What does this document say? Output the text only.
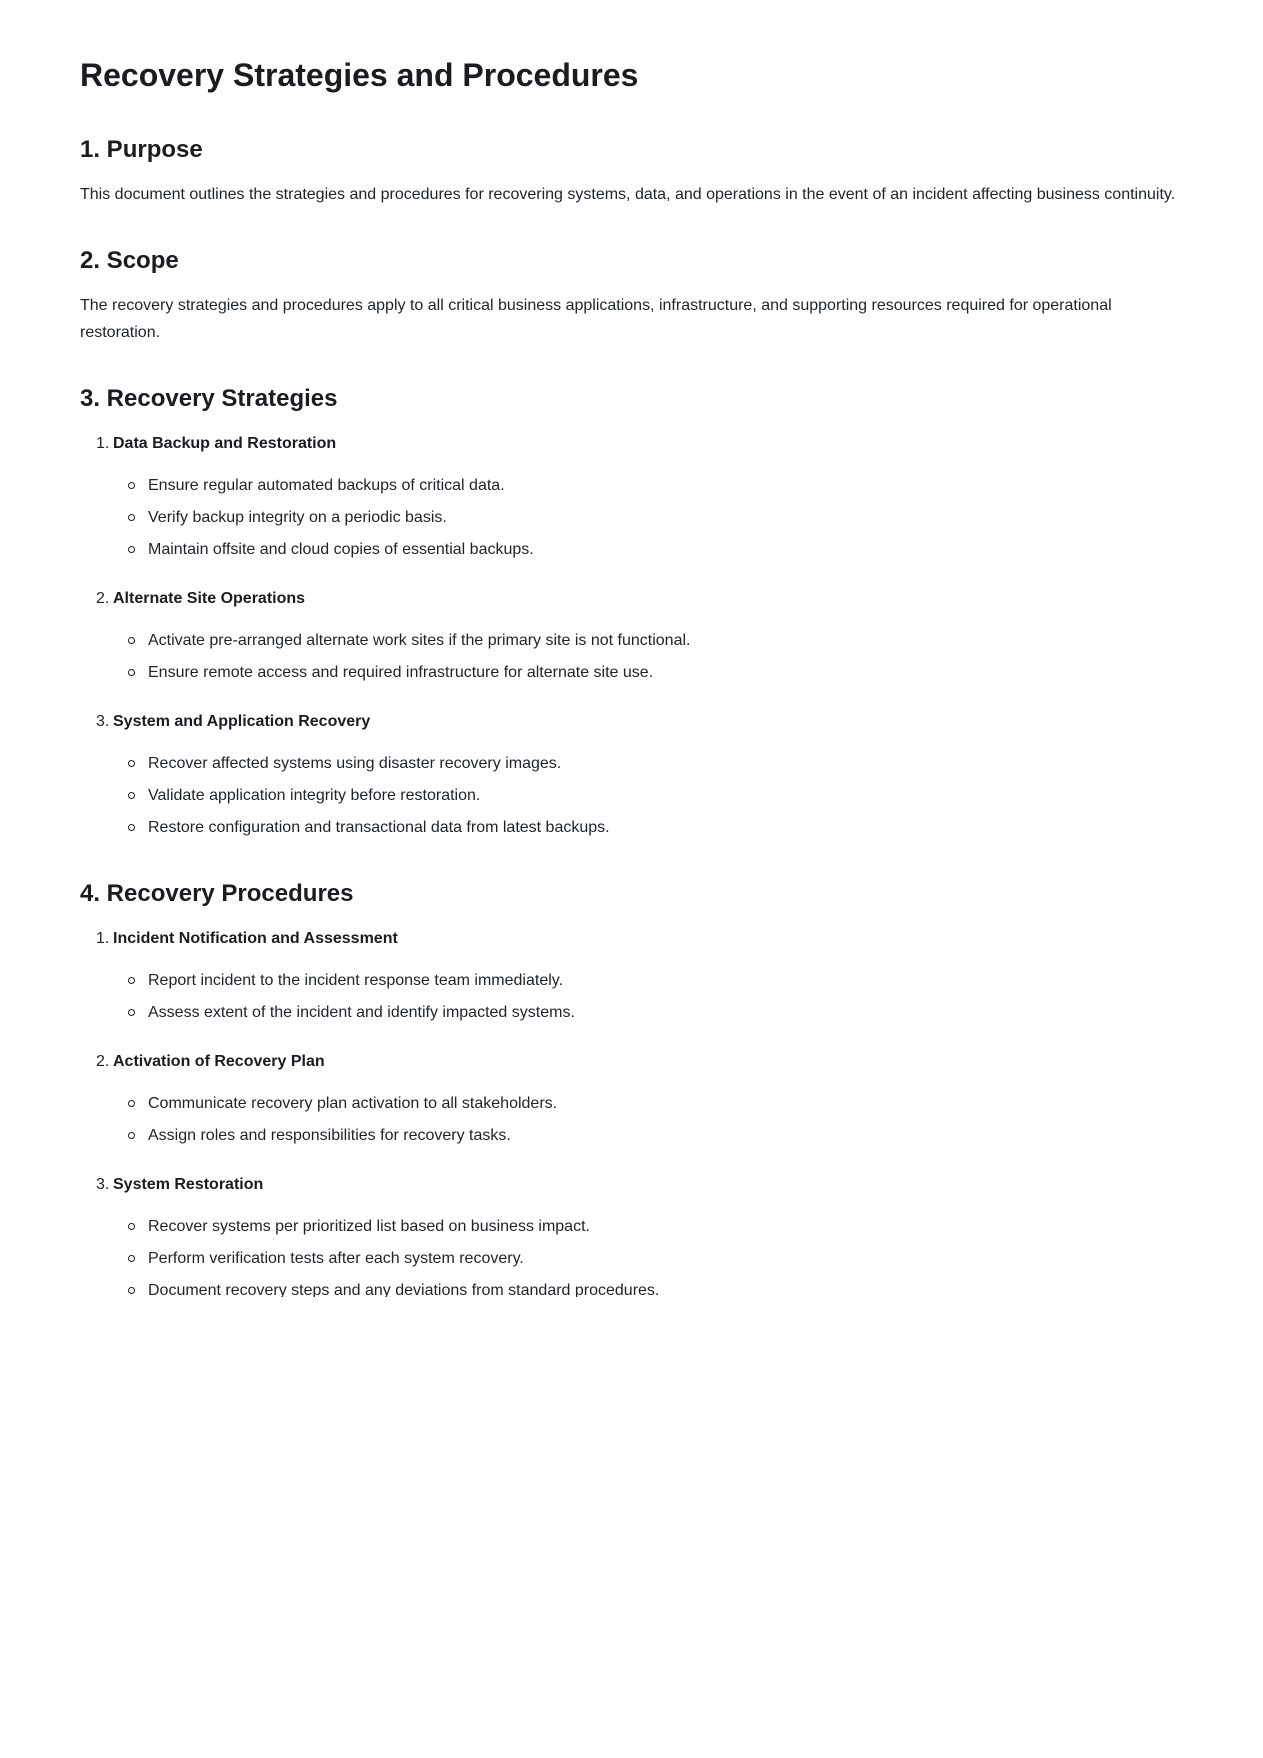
Recovery Strategies and Procedures
1. Purpose
This document outlines the strategies and procedures for recovering systems, data, and operations in the event of an incident affecting business continuity.
2. Scope
The recovery strategies and procedures apply to all critical business applications, infrastructure, and supporting resources required for operational
restoration.
3. Recovery Strategies
1. Data Backup and Restoration
Ensure regular automated backups of critical data.
Verify backup integrity on a periodic basis.
Maintain offsite and cloud copies of essential backups.
2. Alternate Site Operations
Activate pre-arranged alternate work sites if the primary site is not functional.
Ensure remote access and required infrastructure for alternate site use.
3. System and Application Recovery
Recover affected systems using disaster recovery images.
Validate application integrity before restoration.
Restore configuration and transactional data from latest backups.
4. Recovery Procedures
1. Incident Notification and Assessment
Report incident to the incident response team immediately.
Assess extent of the incident and identify impacted systems.
2. Activation of Recovery Plan
Communicate recovery plan activation to all stakeholders.
Assign roles and responsibilities for recovery tasks.
3. System Restoration
Recover systems per prioritized list based on business impact.
Perform verification tests after each system recovery.
Document recovery steps and any deviations from standard procedures.
